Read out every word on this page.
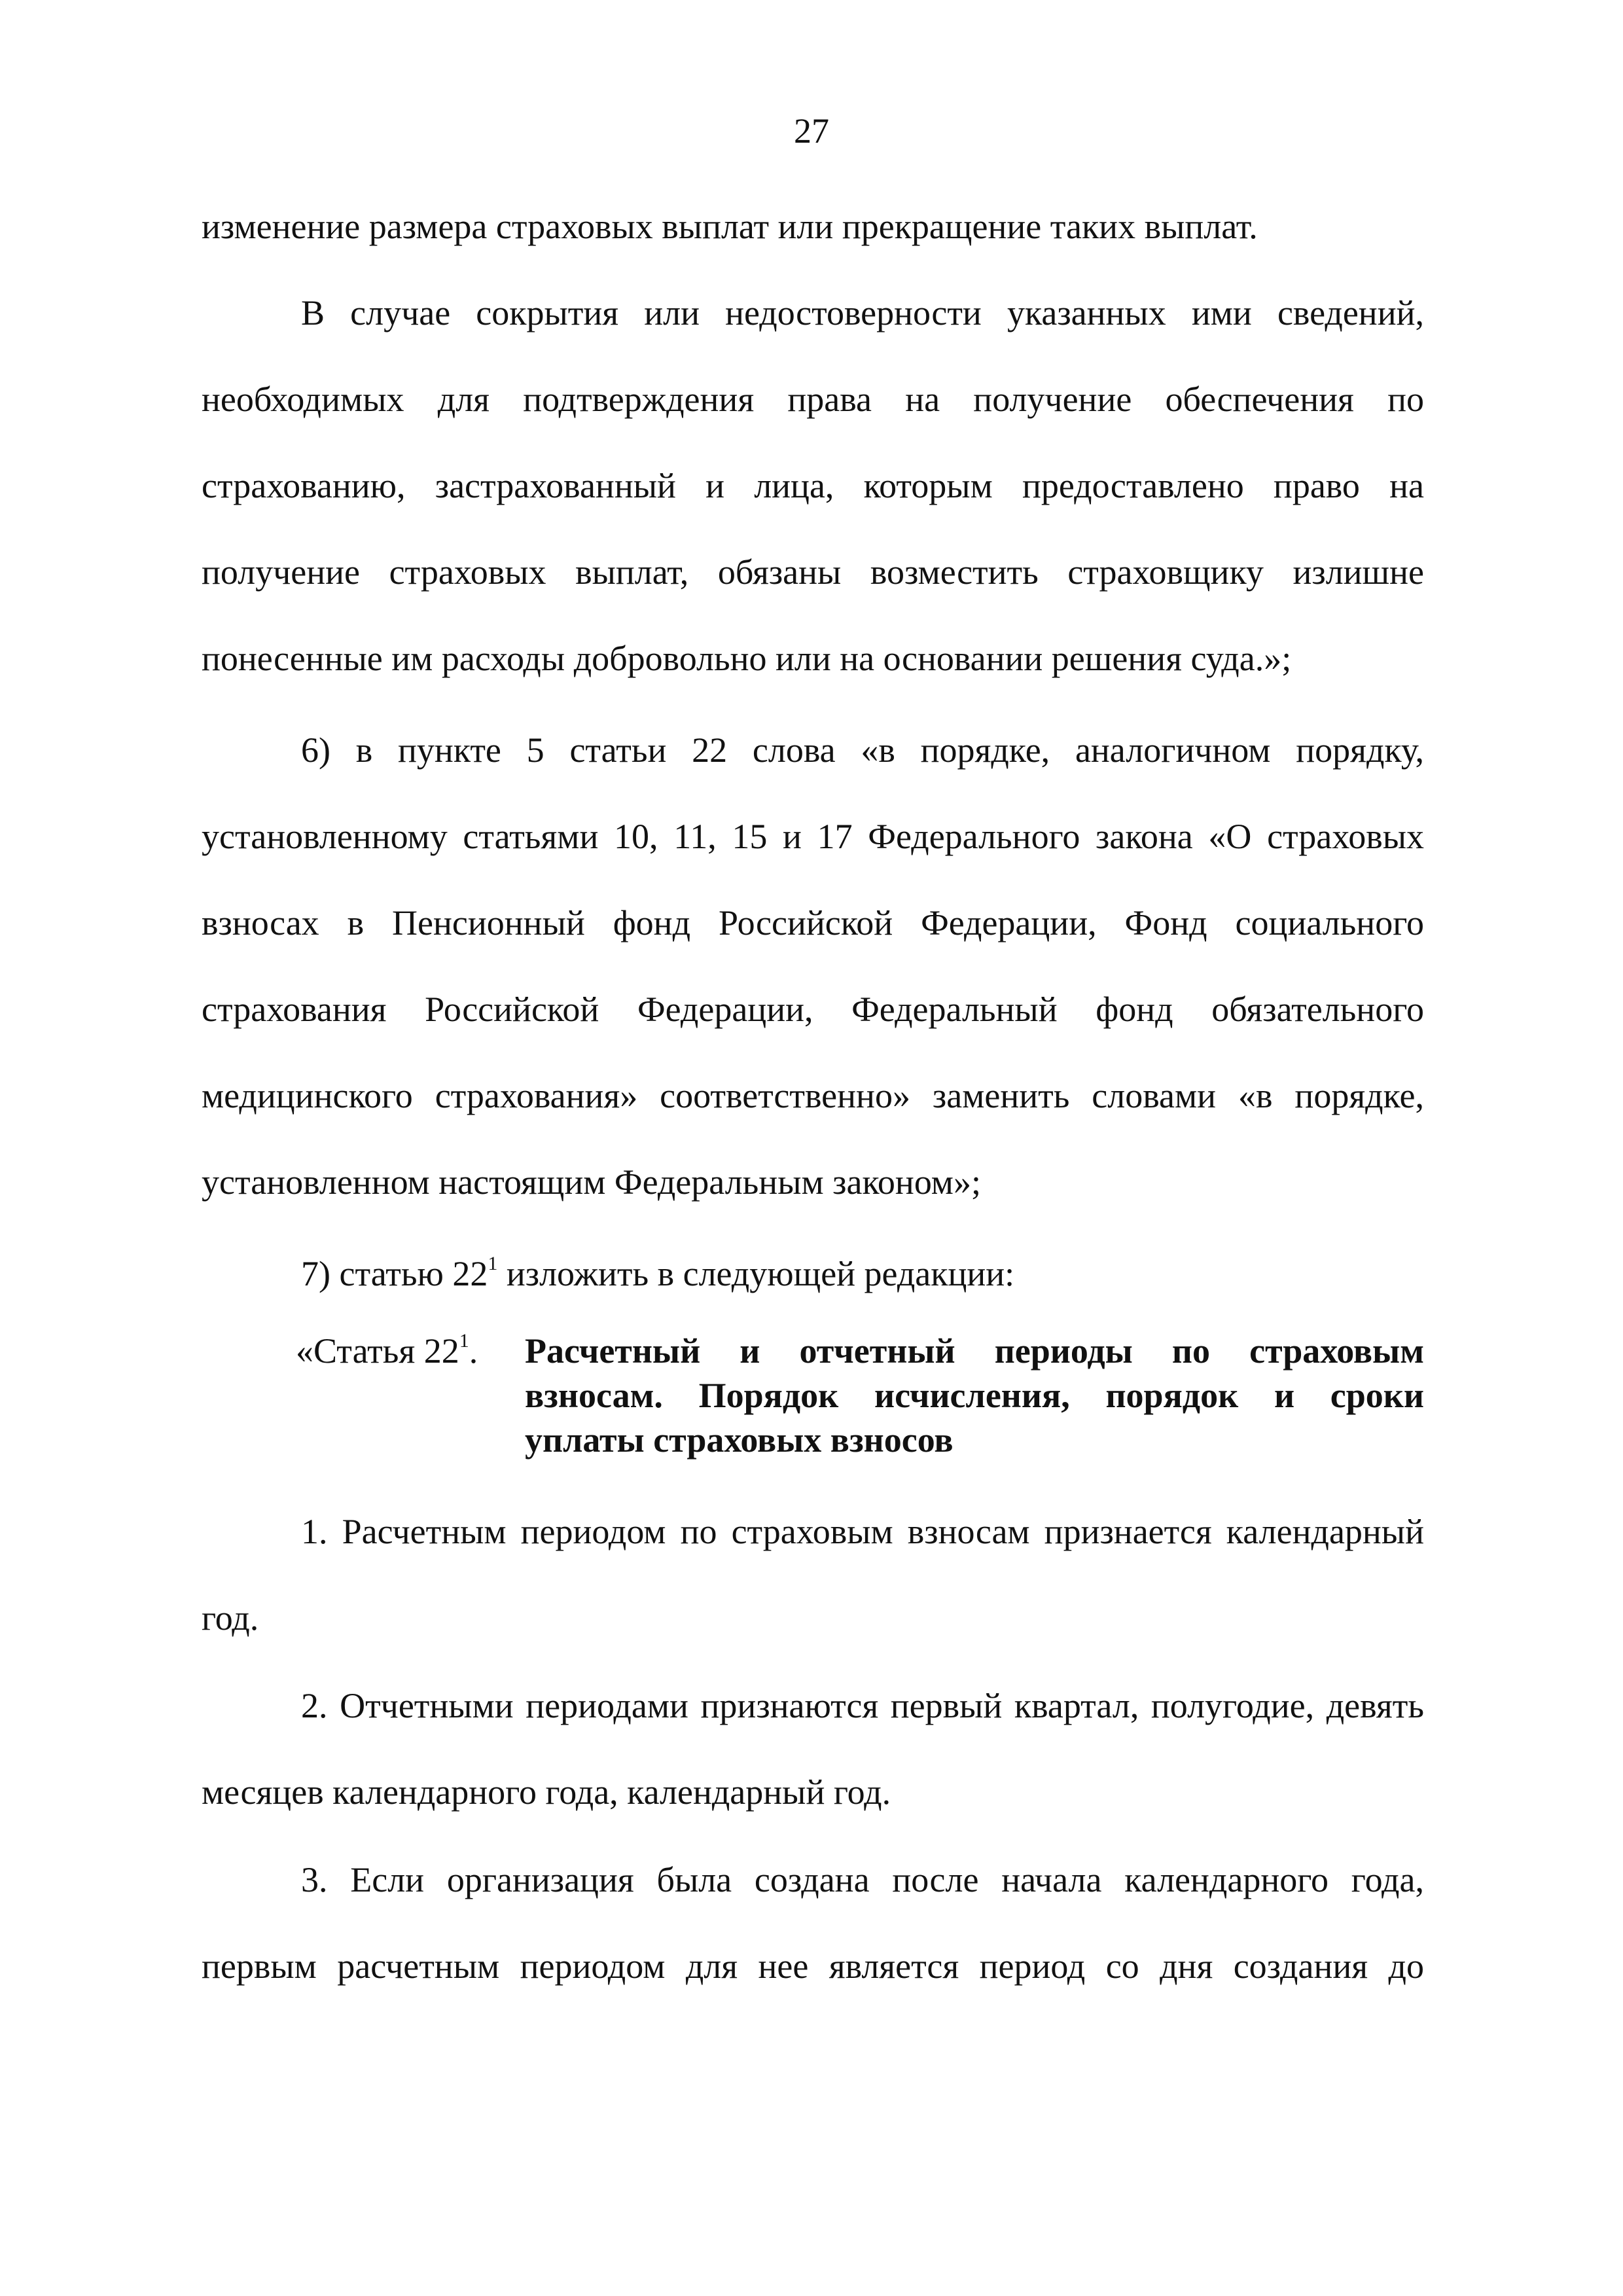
27
изменение размера страховых выплат или прекращение таких выплат.
В случае сокрытия или недостоверности указанных ими сведений, необходимых для подтверждения права на получение обеспечения по страхованию, застрахованный и лица, которым предоставлено право на получение страховых выплат, обязаны возместить страховщику излишне понесенные им расходы добровольно или на основании решения суда.»;
6) в пункте 5 статьи 22 слова «в порядке, аналогичном порядку, установленному статьями 10, 11, 15 и 17 Федерального закона «О страховых взносах в Пенсионный фонд Российской Федерации, Фонд социального страхования Российской Федерации, Федеральный фонд обязательного медицинского страхования» соответственно» заменить словами «в порядке, установленном настоящим Федеральным законом»;
7) статью $22^1$ изложить в следующей редакции:
«Статья $22^1$. Расчетный и отчетный периоды по страховым
взносам. Порядок исчисления, порядок и сроки
уплаты страховых взносов
1. Расчетным периодом по страховым взносам признается календарный год.
2. Отчетными периодами признаются первый квартал, полугодие, девять месяцев календарного года, календарный год.
3. Если организация была создана после начала календарного года, первым расчетным периодом для нее является период со дня создания до
